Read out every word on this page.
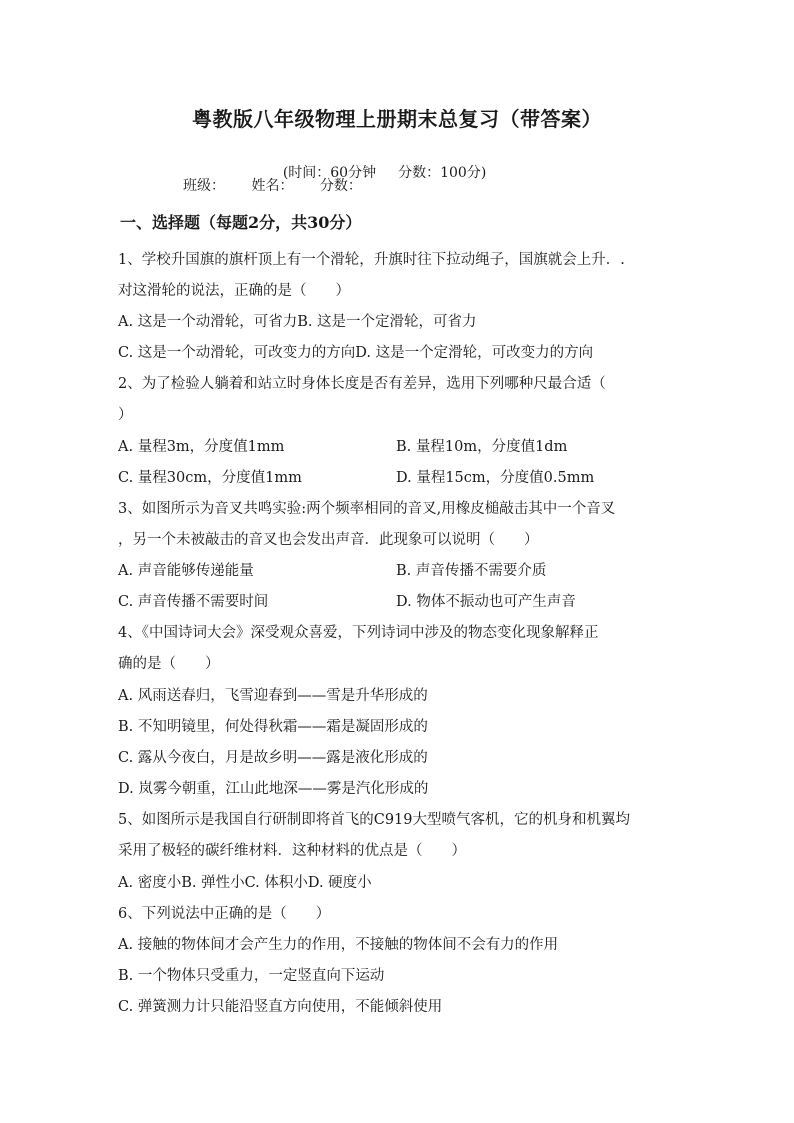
粤教版八年级物理上册期末总复习（带答案）

(时间：60分钟 分数：100分)

班级： 姓名： 分数：
一、选择题（每题2分，共30分）
1、学校升国旗的旗杆顶上有一个滑轮，升旗时往下拉动绳子，国旗就会上升．.
对这滑轮的说法，正确的是（　　）
A. 这是一个动滑轮，可省力B. 这是一个定滑轮，可省力
C. 这是一个动滑轮，可改变力的方向D. 这是一个定滑轮，可改变力的方向
2、为了检验人躺着和站立时身体长度是否有差异，选用下列哪种尺最合适（
）
A. 量程3m，分度值1mm	B. 量程10m，分度值1dm
C. 量程30cm，分度值1mm	D. 量程15cm，分度值0.5mm
3、如图所示为音叉共鸣实验:两个频率相同的音叉,用橡皮槌敲击其中一个音叉
，另一个未被敲击的音叉也会发出声音．此现象可以说明（　　）
A. 声音能够传递能量	B. 声音传播不需要介质
C. 声音传播不需要时间	D. 物体不振动也可产生声音
4、《中国诗词大会》深受观众喜爱，下列诗词中涉及的物态变化现象解释正
确的是（　　）
A. 风雨送春归，飞雪迎春到——雪是升华形成的
B. 不知明镜里，何处得秋霜——霜是凝固形成的
C. 露从今夜白，月是故乡明——露是液化形成的
D. 岚雾今朝重，江山此地深——雾是汽化形成的
5、如图所示是我国自行研制即将首飞的C919大型喷气客机，它的机身和机翼均
采用了极轻的碳纤维材料．这种材料的优点是（　　）
A. 密度小B. 弹性小C. 体积小D. 硬度小
6、下列说法中正确的是（　　）
A. 接触的物体间才会产生力的作用，不接触的物体间不会有力的作用
B. 一个物体只受重力，一定竖直向下运动
C. 弹簧测力计只能沿竖直方向使用，不能倾斜使用
